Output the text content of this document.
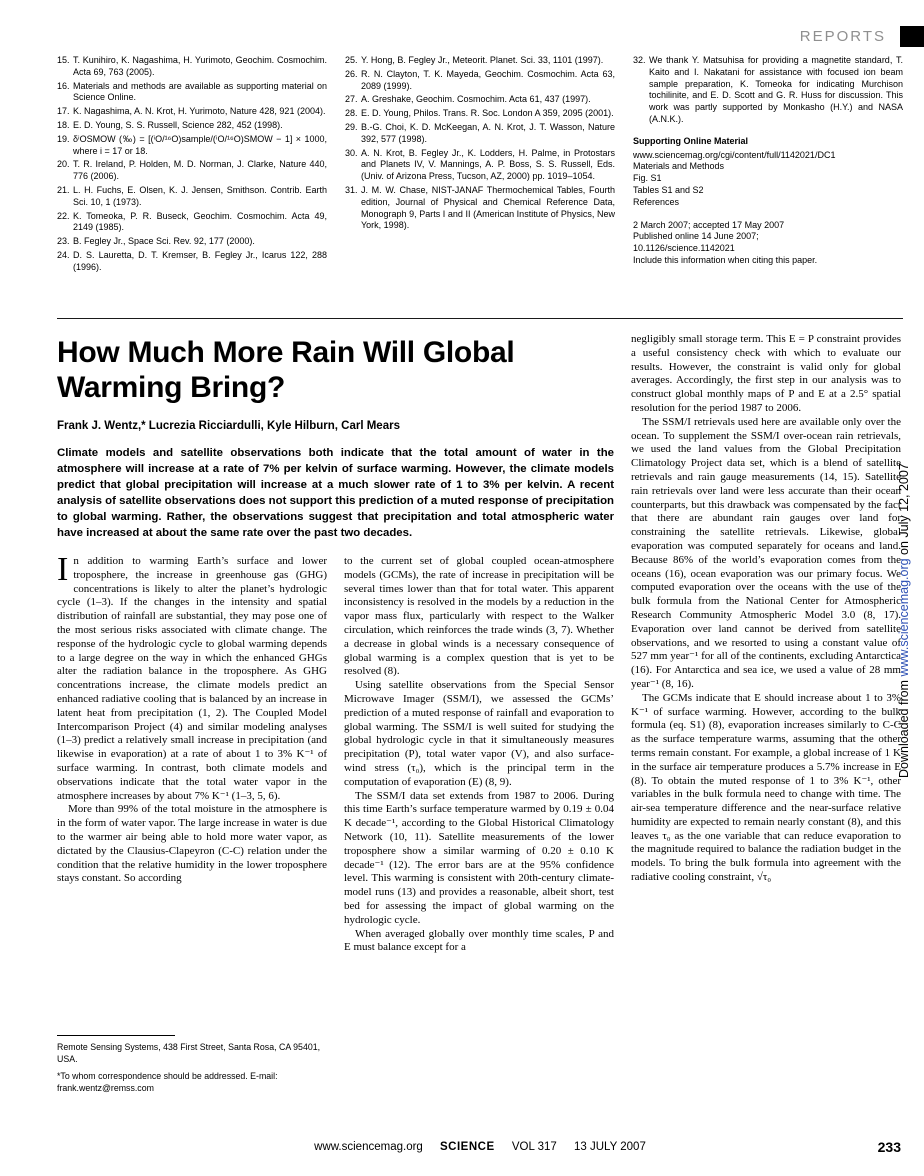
REPORTS
15. T. Kunihiro, K. Nagashima, H. Yurimoto, Geochim. Cosmochim. Acta 69, 763 (2005).
16. Materials and methods are available as supporting material on Science Online.
17. K. Nagashima, A. N. Krot, H. Yurimoto, Nature 428, 921 (2004).
18. E. D. Young, S. S. Russell, Science 282, 452 (1998).
19. δⁱOSMOW (‰) = [(ⁱO/¹⁶O)sample/(ⁱO/¹⁶O)SMOW − 1] × 1000, where i = 17 or 18.
20. T. R. Ireland, P. Holden, M. D. Norman, J. Clarke, Nature 440, 776 (2006).
21. L. H. Fuchs, E. Olsen, K. J. Jensen, Smithson. Contrib. Earth Sci. 10, 1 (1973).
22. K. Tomeoka, P. R. Buseck, Geochim. Cosmochim. Acta 49, 2149 (1985).
23. B. Fegley Jr., Space Sci. Rev. 92, 177 (2000).
24. D. S. Lauretta, D. T. Kremser, B. Fegley Jr., Icarus 122, 288 (1996).
25. Y. Hong, B. Fegley Jr., Meteorit. Planet. Sci. 33, 1101 (1997).
26. R. N. Clayton, T. K. Mayeda, Geochim. Cosmochim. Acta 63, 2089 (1999).
27. A. Greshake, Geochim. Cosmochim. Acta 61, 437 (1997).
28. E. D. Young, Philos. Trans. R. Soc. London A 359, 2095 (2001).
29. B.-G. Choi, K. D. McKeegan, A. N. Krot, J. T. Wasson, Nature 392, 577 (1998).
30. A. N. Krot, B. Fegley Jr., K. Lodders, H. Palme, in Protostars and Planets IV, V. Mannings, A. P. Boss, S. S. Russell, Eds. (Univ. of Arizona Press, Tucson, AZ, 2000) pp. 1019–1054.
31. J. M. W. Chase, NIST-JANAF Thermochemical Tables, Fourth edition, Journal of Physical and Chemical Reference Data, Monograph 9, Parts I and II (American Institute of Physics, New York, 1998).
32. We thank Y. Matsuhisa for providing a magnetite standard, T. Kaito and I. Nakatani for assistance with focused ion beam sample preparation, K. Tomeoka for indicating Murchison tochilinite, and E. D. Scott and G. R. Huss for discussion. This work was partly supported by Monkasho (H.Y.) and NASA (A.N.K.).
Supporting Online Material
www.sciencemag.org/cgi/content/full/1142021/DC1
Materials and Methods
Fig. S1
Tables S1 and S2
References
2 March 2007; accepted 17 May 2007
Published online 14 June 2007;
10.1126/science.1142021
Include this information when citing this paper.
How Much More Rain Will Global Warming Bring?
Frank J. Wentz,* Lucrezia Ricciardulli, Kyle Hilburn, Carl Mears
Climate models and satellite observations both indicate that the total amount of water in the atmosphere will increase at a rate of 7% per kelvin of surface warming. However, the climate models predict that global precipitation will increase at a much slower rate of 1 to 3% per kelvin. A recent analysis of satellite observations does not support this prediction of a muted response of precipitation to global warming. Rather, the observations suggest that precipitation and total atmospheric water have increased at about the same rate over the past two decades.

In addition to warming Earth’s surface and lower troposphere, the increase in greenhouse gas (GHG) concentrations is likely to alter the planet’s hydrologic cycle (1–3). If the changes in the intensity and spatial distribution of rainfall are substantial, they may pose one of the most serious risks associated with climate change. The response of the hydrologic cycle to global warming depends to a large degree on the way in which the enhanced GHGs alter the radiation balance in the troposphere. As GHG concentrations increase, the climate models predict an enhanced radiative cooling that is balanced by an increase in latent heat from precipitation (1, 2). The Coupled Model Intercomparison Project (4) and similar modeling analyses (1–3) predict a relatively small increase in precipitation (and likewise in evaporation) at a rate of about 1 to 3% K⁻¹ of surface warming. In contrast, both climate models and observations indicate that the total water vapor in the atmosphere increases by about 7% K⁻¹ (1–3, 5, 6).

More than 99% of the total moisture in the atmosphere is in the form of water vapor. The large increase in water is due to the warmer air being able to hold more water vapor, as dictated by the Clausius-Clapeyron (C-C) relation under the condition that the relative humidity in the lower troposphere stays constant. So according

Remote Sensing Systems, 438 First Street, Santa Rosa, CA 95401, USA.

*To whom correspondence should be addressed. E-mail: frank.wentz@remss.com

to the current set of global coupled ocean-atmosphere models (GCMs), the rate of increase in precipitation will be several times lower than that for total water. This apparent inconsistency is resolved in the models by a reduction in the vapor mass flux, particularly with respect to the Walker circulation, which reinforces the trade winds (3, 7). Whether a decrease in global winds is a necessary consequence of global warming is a complex question that is yet to be resolved (8).

Using satellite observations from the Special Sensor Microwave Imager (SSM/I), we assessed the GCMs’ prediction of a muted response of rainfall and evaporation to global warming. The SSM/I is well suited for studying the global hydrologic cycle in that it simultaneously measures precipitation (P), total water vapor (V), and also surface-wind stress (τ₀), which is the principal term in the computation of evaporation (E) (8, 9).

The SSM/I data set extends from 1987 to 2006. During this time Earth’s surface temperature warmed by 0.19 ± 0.04 K decade⁻¹, according to the Global Historical Climatology Network (10, 11). Satellite measurements of the lower troposphere show a similar warming of 0.20 ± 0.10 K decade⁻¹ (12). The error bars are at the 95% confidence level. This warming is consistent with 20th-century climate-model runs (13) and provides a reasonable, albeit short, test bed for assessing the impact of global warming on the hydrologic cycle.

When averaged globally over monthly time scales, P and E must balance except for a

negligibly small storage term. This E = P constraint provides a useful consistency check with which to evaluate our results. However, the constraint is valid only for global averages. Accordingly, the first step in our analysis was to construct global monthly maps of P and E at a 2.5° spatial resolution for the period 1987 to 2006.

The SSM/I retrievals used here are available only over the ocean. To supplement the SSM/I over-ocean rain retrievals, we used the land values from the Global Precipitation Climatology Project data set, which is a blend of satellite retrievals and rain gauge measurements (14, 15). Satellite rain retrievals over land were less accurate than their ocean counterparts, but this drawback was compensated by the fact that there are abundant rain gauges over land for constraining the satellite retrievals. Likewise, global evaporation was computed separately for oceans and land. Because 86% of the world’s evaporation comes from the oceans (16), ocean evaporation was our primary focus. We computed evaporation over the oceans with the use of the bulk formula from the National Center for Atmospheric Research Community Atmospheric Model 3.0 (8, 17). Evaporation over land cannot be derived from satellite observations, and we resorted to using a constant value of 527 mm year⁻¹ for all of the continents, excluding Antarctica (16). For Antarctica and sea ice, we used a value of 28 mm year⁻¹ (8, 16).

The GCMs indicate that E should increase about 1 to 3% K⁻¹ of surface warming. However, according to the bulk formula (eq. S1) (8), evaporation increases similarly to C-C as the surface temperature warms, assuming that the other terms remain constant. For example, a global increase of 1 K in the surface air temperature produces a 5.7% increase in E (8). To obtain the muted response of 1 to 3% K⁻¹, other variables in the bulk formula need to change with time. The air-sea temperature difference and the near-surface relative humidity are expected to remain nearly constant (8), and this leaves τ₀ as the one variable that can reduce evaporation to the magnitude required to balance the radiation budget in the models. To bring the bulk formula into agreement with the radiative cooling constraint, √τ₀

Downloaded from www.sciencemag.org on July 12, 2007
www.sciencemag.org SCIENCE VOL 317 13 JULY 2007	233
